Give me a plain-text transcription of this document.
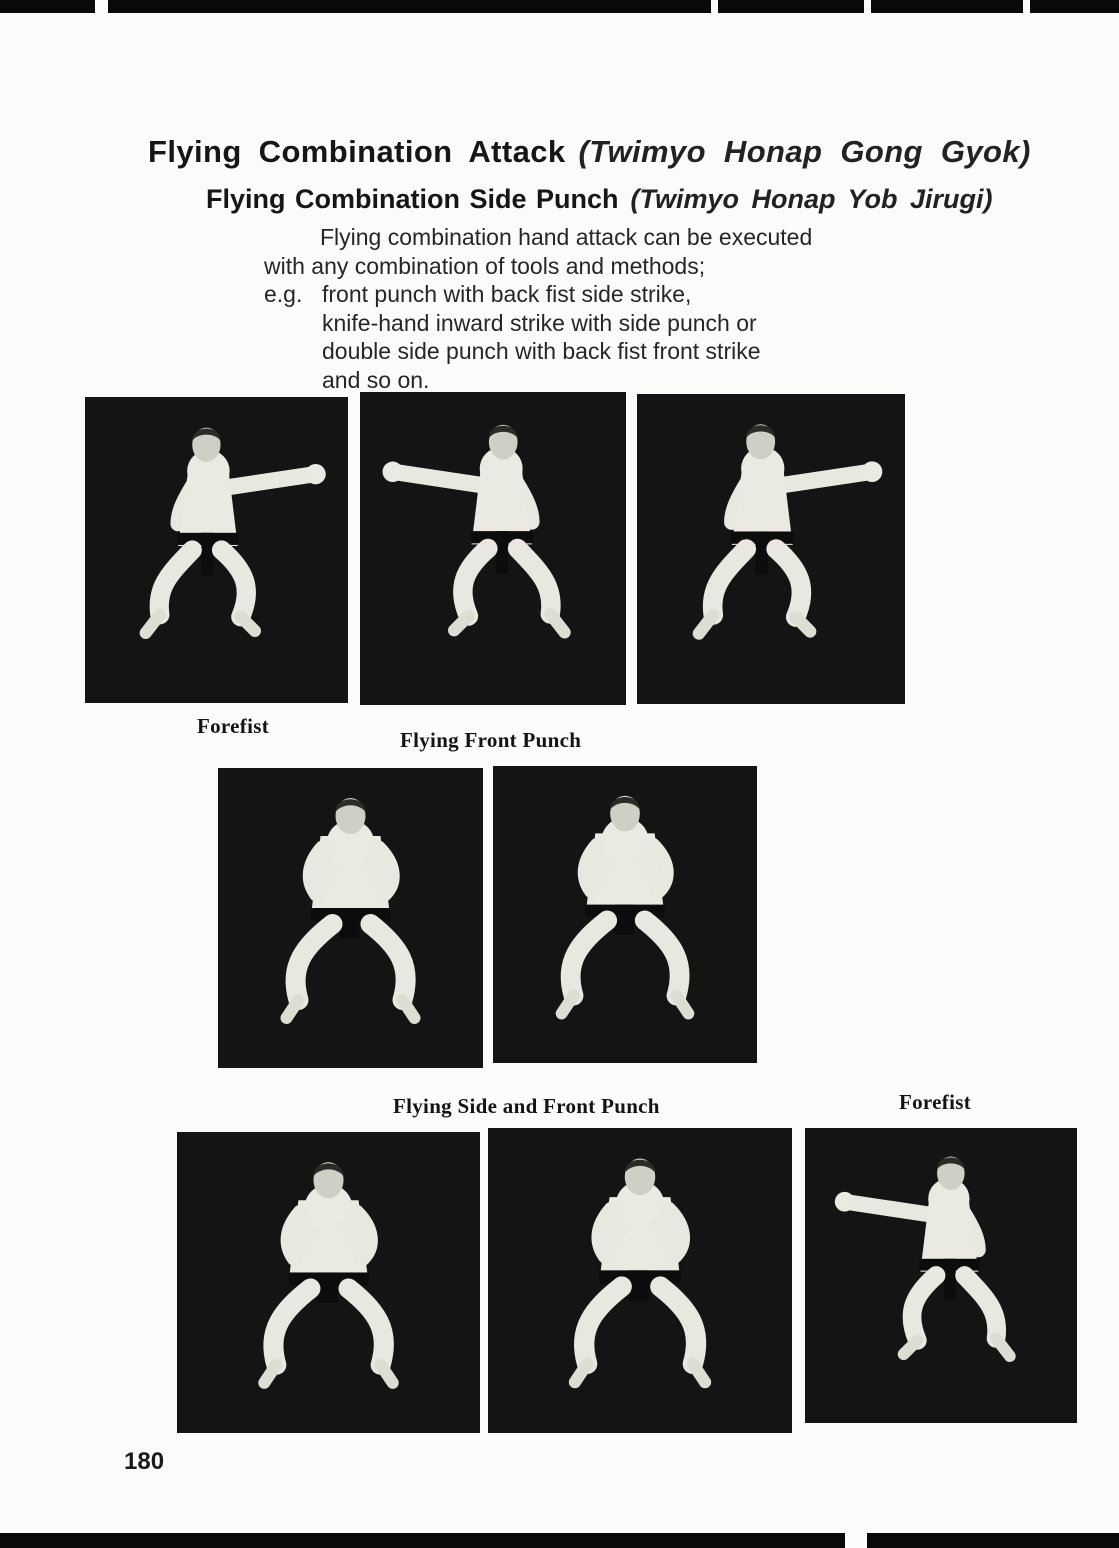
Flying Combination Attack (Twimyo Honap Gong Gyok)
Flying Combination Side Punch (Twimyo Honap Yob Jirugi)
Flying combination hand attack can be executed
with any combination of tools and methods;
e.g. front punch with back fist side strike,
knife-hand inward strike with side punch or
double side punch with back fist front strike
and so on.
Forefist
Flying Front Punch
Flying Side and Front Punch	Forefist
180
